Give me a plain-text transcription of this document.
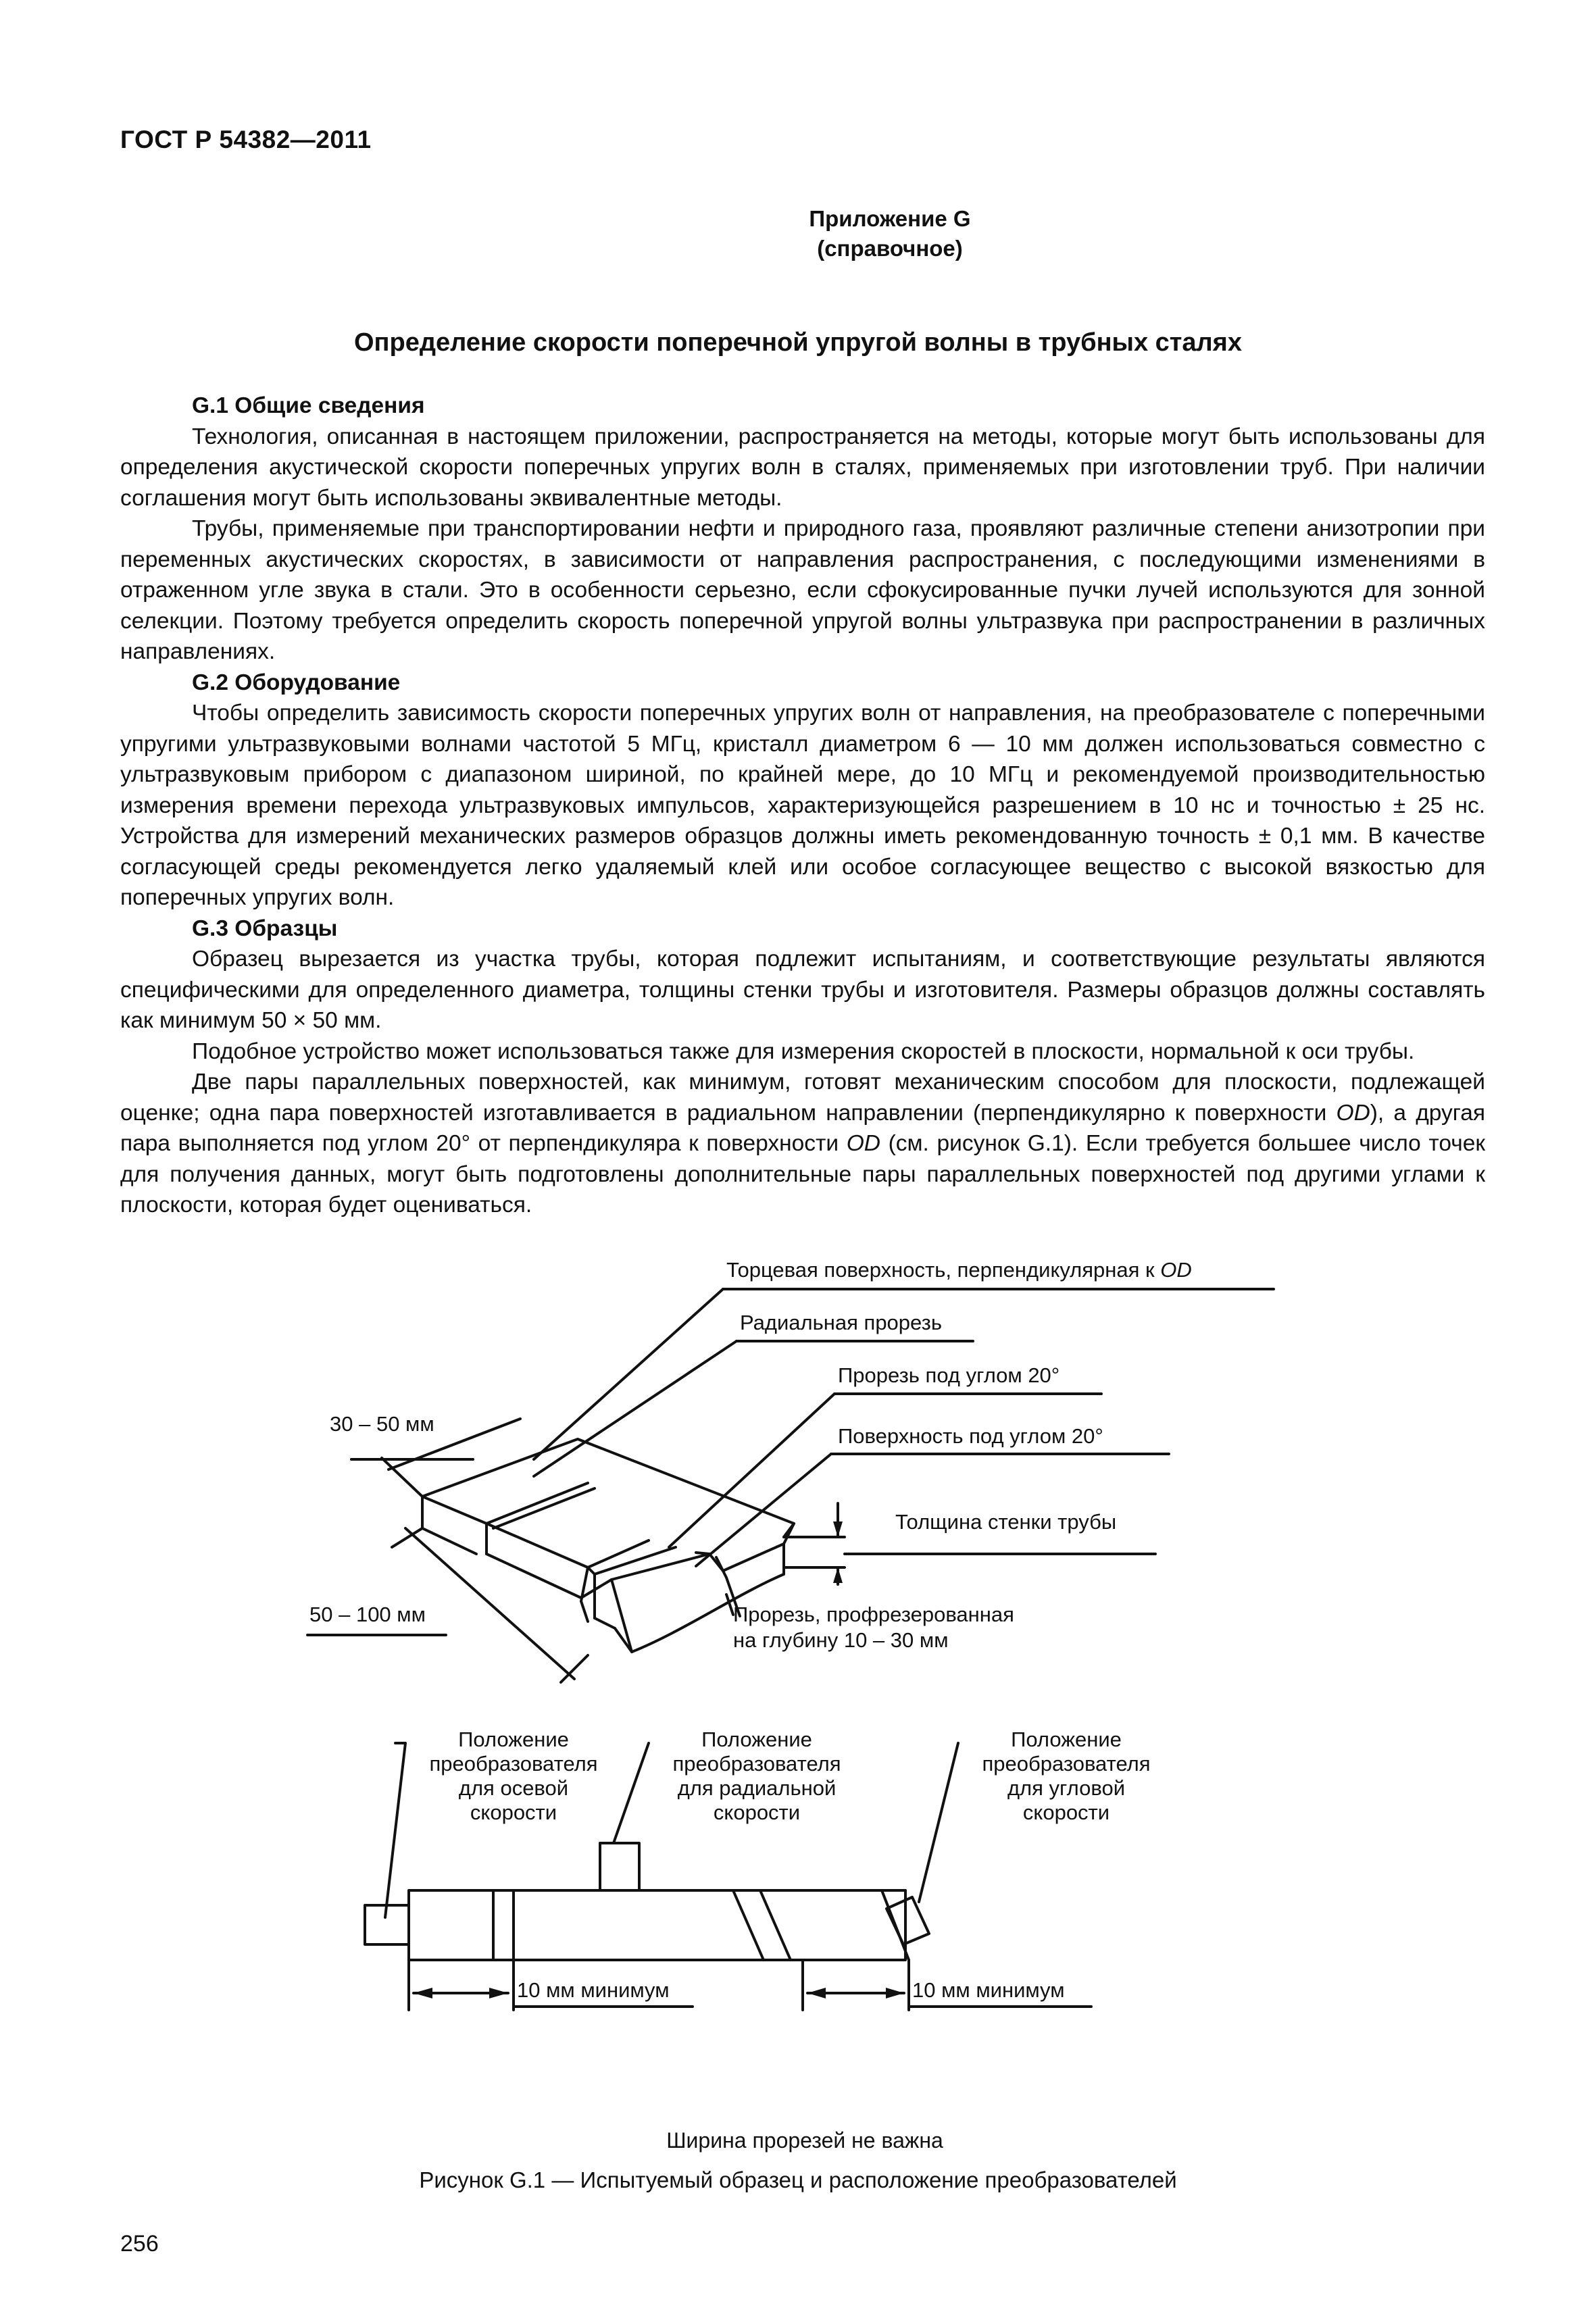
ГОСТ Р 54382—2011
Приложение G
(справочное)
Определение скорости поперечной упругой волны в трубных сталях
G.1 Общие сведения

Технология, описанная в настоящем приложении, распространяется на методы, которые могут быть использованы для определения акустической скорости поперечных упругих волн в сталях, применяемых при изготовлении труб. При наличии соглашения могут быть использованы эквивалентные методы.

Трубы, применяемые при транспортировании нефти и природного газа, проявляют различные степени анизотропии при переменных акустических скоростях, в зависимости от направления распространения, с последующими изменениями в отраженном угле звука в стали. Это в особенности серьезно, если сфокусированные пучки лучей используются для зонной селекции. Поэтому требуется определить скорость поперечной упругой волны ультразвука при распространении в различных направлениях.

G.2 Оборудование

Чтобы определить зависимость скорости поперечных упругих волн от направления, на преобразователе с поперечными упругими ультразвуковыми волнами частотой 5 МГц, кристалл диаметром 6 — 10 мм должен использоваться совместно с ультразвуковым прибором с диапазоном шириной, по крайней мере, до 10 МГц и рекомендуемой производительностью измерения времени перехода ультразвуковых импульсов, характеризующейся разрешением в 10 нс и точностью ± 25 нс. Устройства для измерений механических размеров образцов должны иметь рекомендованную точность ± 0,1 мм. В качестве согласующей среды рекомендуется легко удаляемый клей или особое согласующее вещество с высокой вязкостью для поперечных упругих волн.

G.3 Образцы

Образец вырезается из участка трубы, которая подлежит испытаниям, и соответствующие результаты являются специфическими для определенного диаметра, толщины стенки трубы и изготовителя. Размеры образцов должны составлять как минимум 50 × 50 мм.

Подобное устройство может использоваться также для измерения скоростей в плоскости, нормальной к оси трубы.

Две пары параллельных поверхностей, как минимум, готовят механическим способом для плоскости, подлежащей оценке; одна пара поверхностей изготавливается в радиальном направлении (перпендикулярно к поверхности OD), а другая пара выполняется под углом 20° от перпендикуляра к поверхности OD (см. рисунок G.1). Если требуется большее число точек для получения данных, могут быть подготовлены дополнительные пары параллельных поверхностей под другими углами к плоскости, которая будет оцениваться.

Торцевая поверхность, перпендикулярная к OD
Радиальная прорезь
Прорезь под углом 20°
Поверхность под углом 20°
Толщина стенки трубы
30 – 50 мм
50 – 100 мм	Прорезь, профрезерованная
на глубину 10 – 30 мм
Положение
преобразователя
для осевой
скорости
Положение
преобразователя
для радиальной
скорости
Положение
преобразователя
для угловой
скорости
10 мм минимум	10 мм минимум
Ширина прорезей не важна
Рисунок G.1 — Испытуемый образец и расположение преобразователей
256
